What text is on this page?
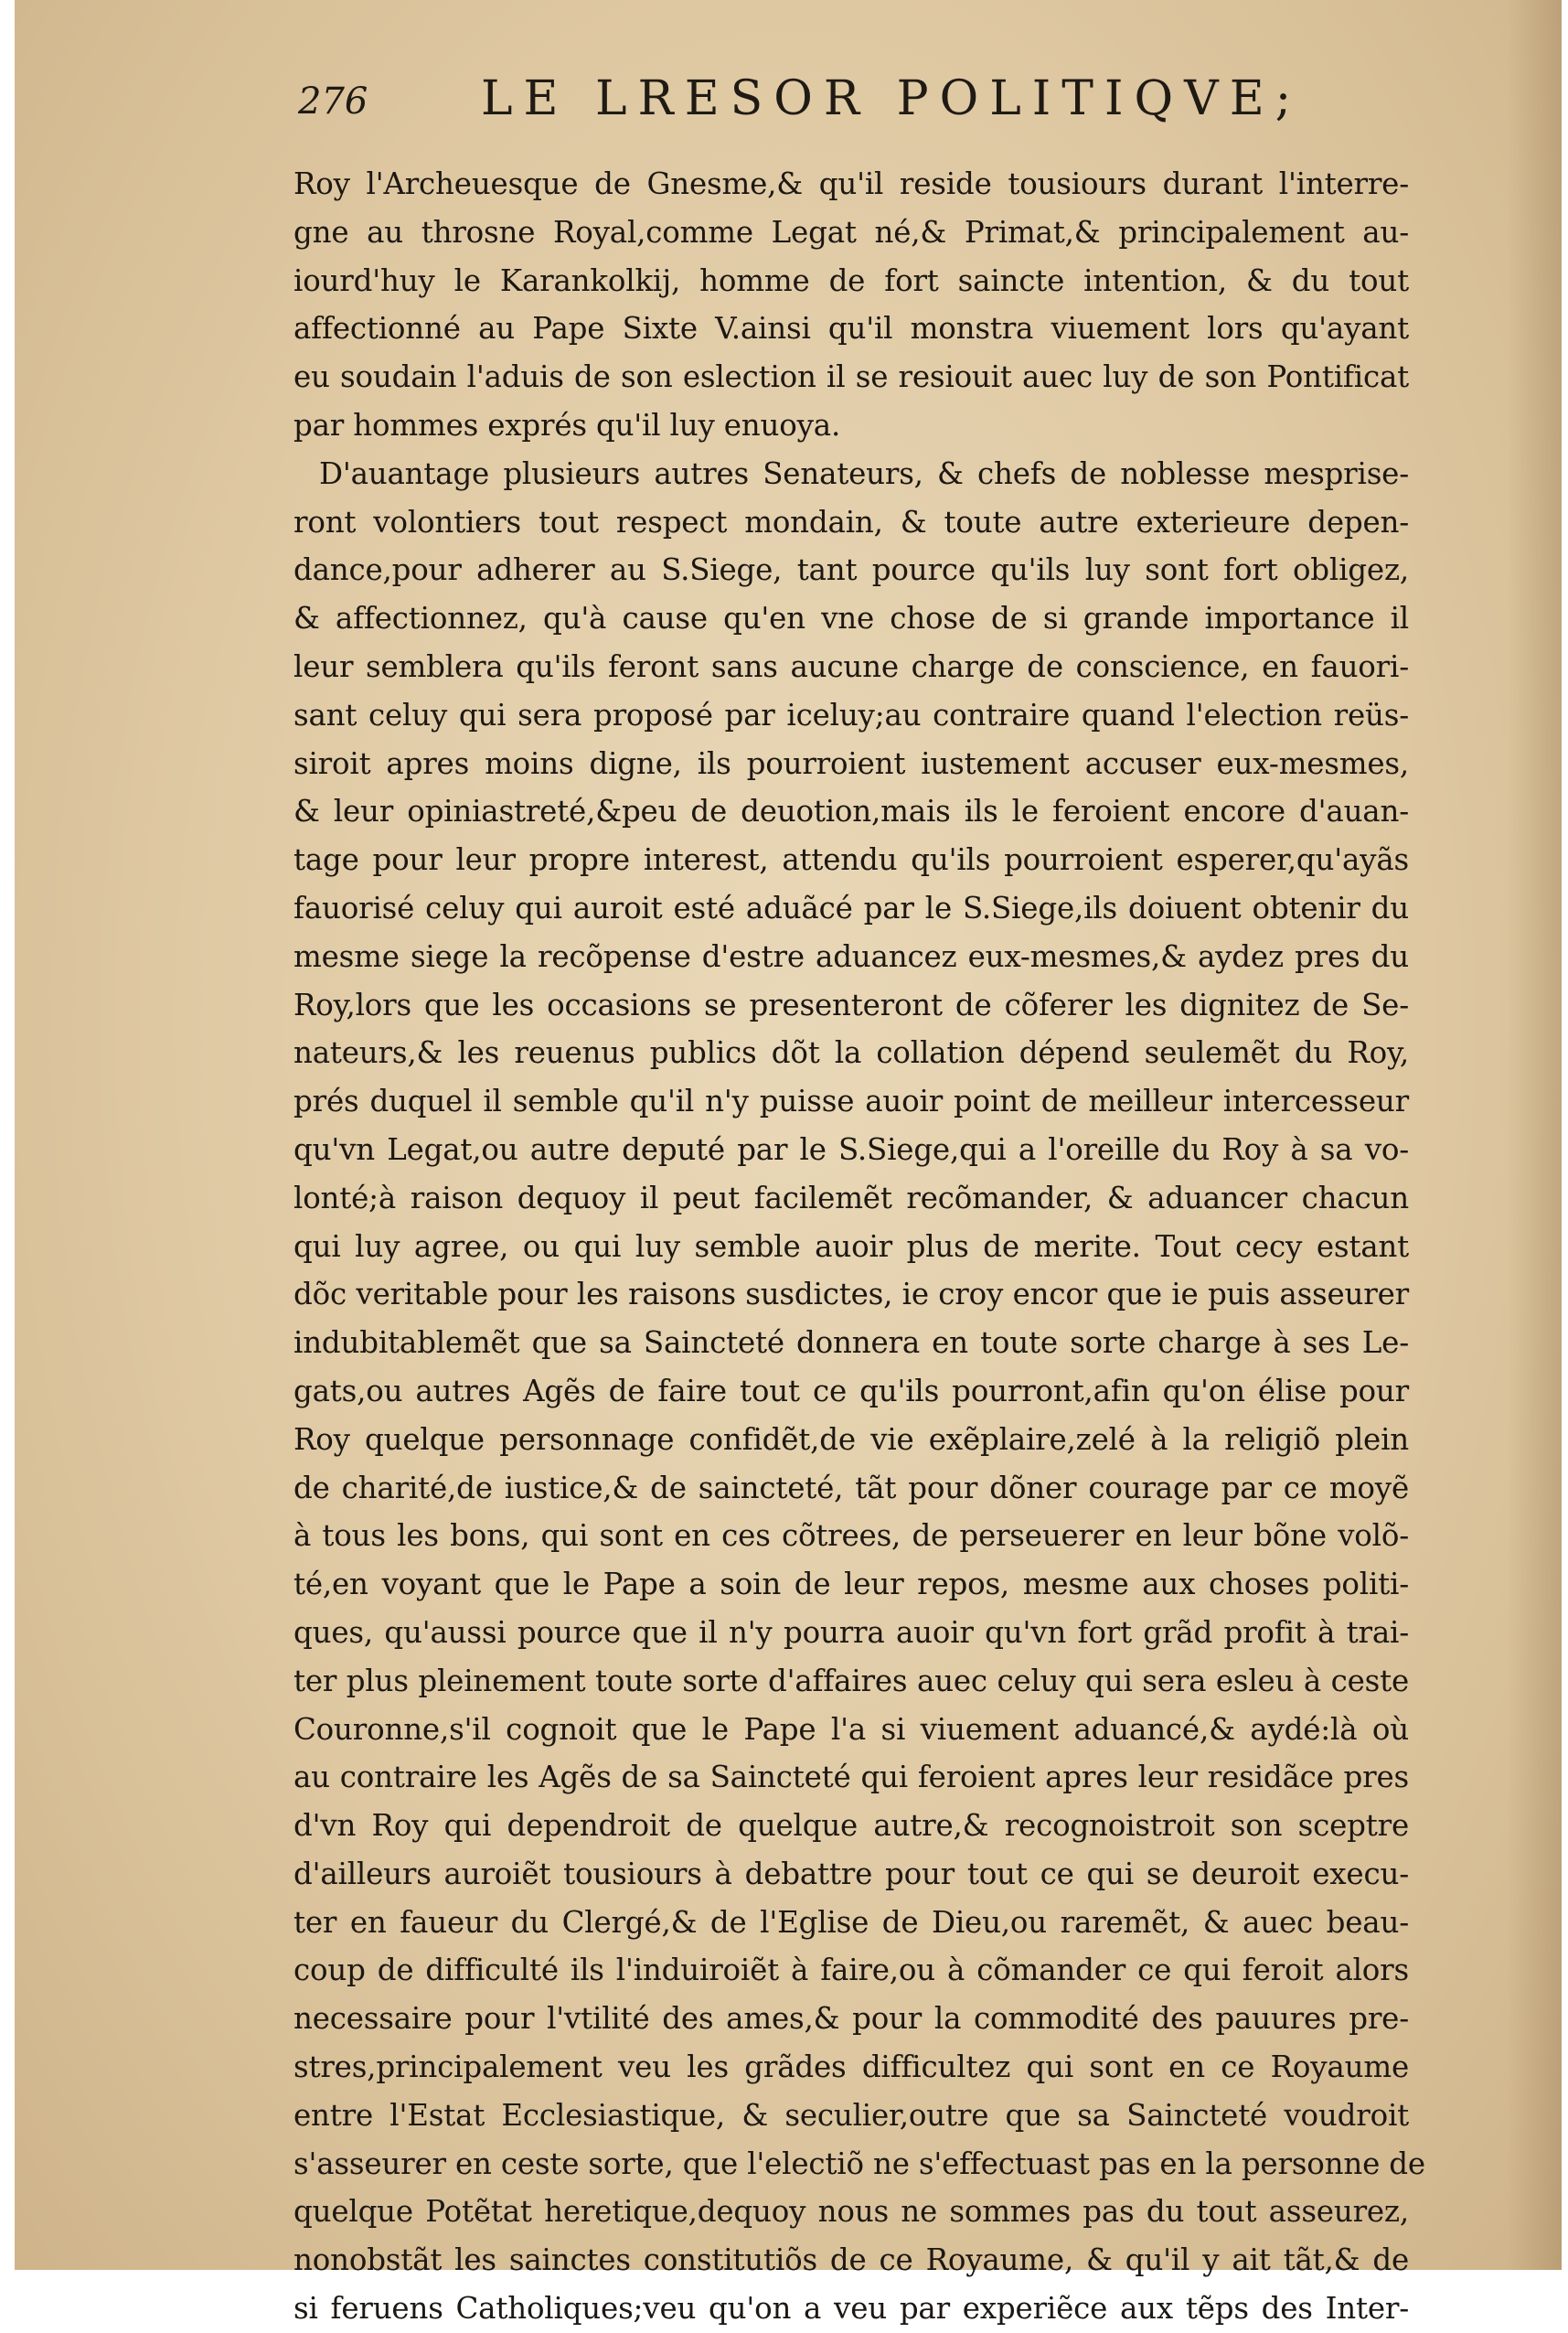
276 LE LRESOR POLITIQVE;
Roy l'Archeuesque de Gnesme,& qu'il reside tousiours durant l'interre-
gne au throsne Royal,comme Legat né,& Primat,& principalement au-
iourd'huy le Karankolkij, homme de fort saincte intention, & du tout
affectionné au Pape Sixte V.ainsi qu'il monstra viuement lors qu'ayant
eu soudain l'aduis de son eslection il se resiouit auec luy de son Pontificat
par hommes exprés qu'il luy enuoya.
D'auantage plusieurs autres Senateurs, & chefs de noblesse mesprise-
ront volontiers tout respect mondain, & toute autre exterieure depen-
dance,pour adherer au S.Siege, tant pource qu'ils luy sont fort obligez,
& affectionnez, qu'à cause qu'en vne chose de si grande importance il
leur semblera qu'ils feront sans aucune charge de conscience, en fauori-
sant celuy qui sera proposé par iceluy;au contraire quand l'election reüs-
siroit apres moins digne, ils pourroient iustement accuser eux-mesmes,
& leur opiniastreté,&peu de deuotion,mais ils le feroient encore d'auan-
tage pour leur propre interest, attendu qu'ils pourroient esperer,qu'ayãs
fauorisé celuy qui auroit esté aduãcé par le S.Siege,ils doiuent obtenir du
mesme siege la recõpense d'estre aduancez eux-mesmes,& aydez pres du
Roy,lors que les occasions se presenteront de cõferer les dignitez de Se-
nateurs,& les reuenus publics dõt la collation dépend seulemẽt du Roy,
prés duquel il semble qu'il n'y puisse auoir point de meilleur intercesseur
qu'vn Legat,ou autre deputé par le S.Siege,qui a l'oreille du Roy à sa vo-
lonté;à raison dequoy il peut facilemẽt recõmander, & aduancer chacun
qui luy agree, ou qui luy semble auoir plus de merite. Tout cecy estant
dõc veritable pour les raisons susdictes, ie croy encor que ie puis asseurer
indubitablemẽt que sa Saincteté donnera en toute sorte charge à ses Le-
gats,ou autres Agẽs de faire tout ce qu'ils pourront,afin qu'on élise pour
Roy quelque personnage confidẽt,de vie exẽplaire,zelé à la religiõ plein
de charité,de iustice,& de saincteté, tãt pour dõner courage par ce moyẽ
à tous les bons, qui sont en ces cõtrees, de perseuerer en leur bõne volõ-
té,en voyant que le Pape a soin de leur repos, mesme aux choses politi-
ques, qu'aussi pource que il n'y pourra auoir qu'vn fort grãd profit à trai-
ter plus pleinement toute sorte d'affaires auec celuy qui sera esleu à ceste
Couronne,s'il cognoit que le Pape l'a si viuement aduancé,& aydé:là où
au contraire les Agẽs de sa Saincteté qui feroient apres leur residãce pres
d'vn Roy qui dependroit de quelque autre,& recognoistroit son sceptre
d'ailleurs auroiẽt tousiours à debattre pour tout ce qui se deuroit execu-
ter en faueur du Clergé,& de l'Eglise de Dieu,ou raremẽt, & auec beau-
coup de difficulté ils l'induiroiẽt à faire,ou à cõmander ce qui feroit alors
necessaire pour l'vtilité des ames,& pour la commodité des pauures pre-
stres,principalement veu les grãdes difficultez qui sont en ce Royaume
entre l'Estat Ecclesiastique, & seculier,outre que sa Saincteté voudroit
s'asseurer en ceste sorte, que l'electiõ ne s'effectuast pas en la personne de
quelque Potẽtat heretique,dequoy nous ne sommes pas du tout asseurez,
nonobstãt les sainctes constitutiõs de ce Royaume, & qu'il y ait tãt,& de
si feruens Catholiques;veu qu'on a veu par experiẽce aux tẽps des Inter-
